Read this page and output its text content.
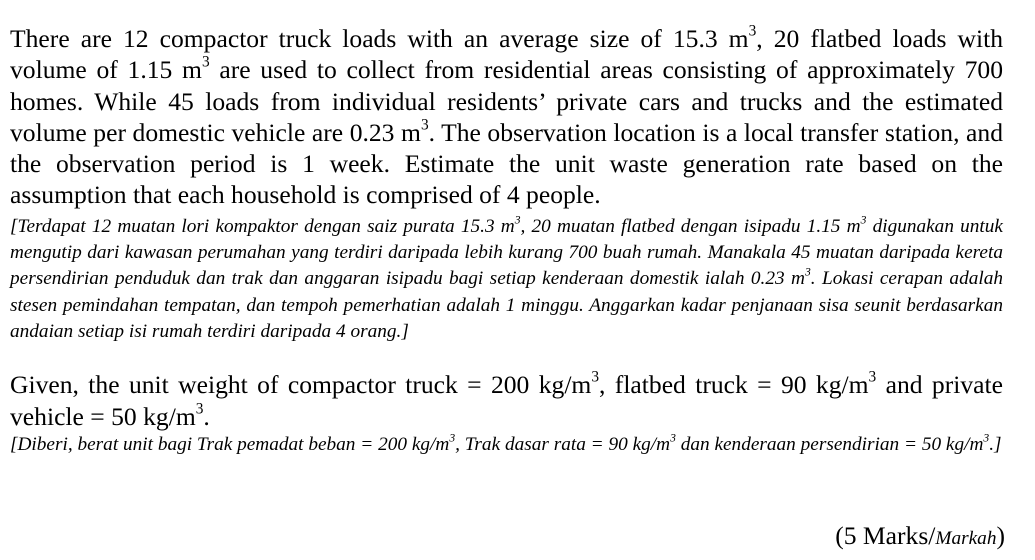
There are 12 compactor truck loads with an average size of 15.3 $m^3$, 20 flatbed loads with volume of 1.15 $m^3$ are used to collect from residential areas consisting of approximately 700 homes. While 45 loads from individual residents’ private cars and trucks and the estimated volume per domestic vehicle are 0.23 $m^3$. The observation location is a local transfer station, and the observation period is 1 week. Estimate the unit waste generation rate based on the assumption that each household is comprised of 4 people.

[Terdapat 12 muatan lori kompaktor dengan saiz purata 15.3 $m^3$, 20 muatan flatbed dengan isipadu 1.15 $m^3$ digunakan untuk mengutip dari kawasan perumahan yang terdiri daripada lebih kurang 700 buah rumah. Manakala 45 muatan daripada kereta persendirian penduduk dan trak dan anggaran isipadu bagi setiap kenderaan domestik ialah 0.23 $m^3$. Lokasi cerapan adalah stesen pemindahan tempatan, dan tempoh pemerhatian adalah 1 minggu. Anggarkan kadar penjanaan sisa seunit berdasarkan andaian setiap isi rumah terdiri daripada 4 orang.]

Given, the unit weight of compactor truck = 200 $kg/m^3$, flatbed truck = 90 $kg/m^3$ and private vehicle = 50 $kg/m^3$.

[Diberi, berat unit bagi Trak pemadat beban = 200 $kg/m^3$, Trak dasar rata = 90 $kg/m^3$ dan kenderaan persendirian = 50 $kg/m^3$.]

(5 Marks/Markah)
